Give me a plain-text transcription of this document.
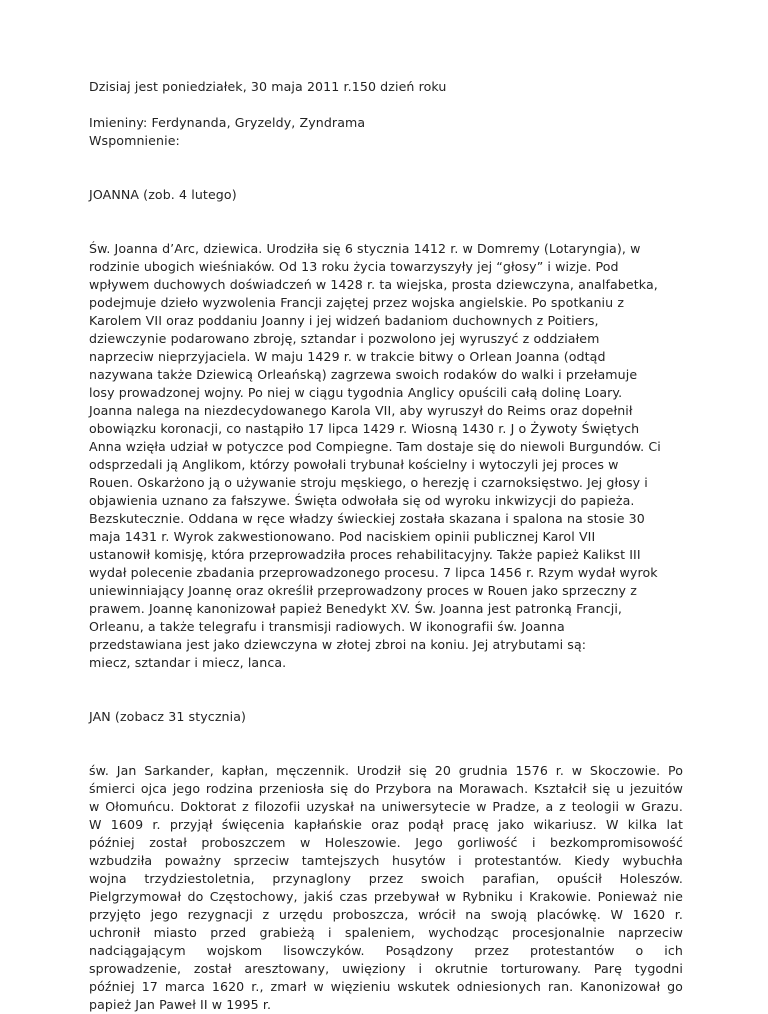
Dzisiaj jest poniedziałek, 30 maja 2011 r.150 dzień roku
Imieniny: Ferdynanda, Gryzeldy, Zyndrama
Wspomnienie:
JOANNA (zob. 4 lutego)
Św. Joanna d’Arc, dziewica. Urodziła się 6 stycznia 1412 r. w Domremy (Lotaryngia), w
rodzinie ubogich wieśniaków. Od 13 roku życia towarzyszyły jej “głosy” i wizje. Pod
wpływem duchowych doświadczeń w 1428 r. ta wiejska, prosta dziewczyna, analfabetka,
podejmuje dzieło wyzwolenia Francji zajętej przez wojska angielskie. Po spotkaniu z
Karolem VII oraz poddaniu Joanny i jej widzeń badaniom duchownych z Poitiers,
dziewczynie podarowano zbroję, sztandar i pozwolono jej wyruszyć z oddziałem
naprzeciw nieprzyjaciela. W maju 1429 r. w trakcie bitwy o Orlean Joanna (odtąd
nazywana także Dziewicą Orleańską) zagrzewa swoich rodaków do walki i przełamuje
losy prowadzonej wojny. Po niej w ciągu tygodnia Anglicy opuścili całą dolinę Loary.
Joanna nalega na niezdecydowanego Karola VII, aby wyruszył do Reims oraz dopełnił
obowiązku koronacji, co nastąpiło 17 lipca 1429 r. Wiosną 1430 r. J o Żywoty Świętych
Anna wzięła udział w potyczce pod Compiegne. Tam dostaje się do niewoli Burgundów. Ci
odsprzedali ją Anglikom, którzy powołali trybunał kościelny i wytoczyli jej proces w
Rouen. Oskarżono ją o używanie stroju męskiego, o herezję i czarnoksięstwo. Jej głosy i
objawienia uznano za fałszywe. Święta odwołała się od wyroku inkwizycji do papieża.
Bezskutecznie. Oddana w ręce władzy świeckiej została skazana i spalona na stosie 30
maja 1431 r. Wyrok zakwestionowano. Pod naciskiem opinii publicznej Karol VII
ustanowił komisję, która przeprowadziła proces rehabilitacyjny. Także papież Kalikst III
wydał polecenie zbadania przeprowadzonego procesu. 7 lipca 1456 r. Rzym wydał wyrok
uniewinniający Joannę oraz określił przeprowadzony proces w Rouen jako sprzeczny z
prawem. Joannę kanonizował papież Benedykt XV. Św. Joanna jest patronką Francji,
Orleanu, a także telegrafu i transmisji radiowych. W ikonografii św. Joanna
przedstawiana jest jako dziewczyna w złotej zbroi na koniu. Jej atrybutami są:
miecz, sztandar i miecz, lanca.
JAN (zobacz 31 stycznia)
św. Jan Sarkander, kapłan, męczennik. Urodził się 20 grudnia 1576 r. w Skoczowie. Po
śmierci ojca jego rodzina przeniosła się do Przybora na Morawach. Kształcił się u jezuitów
w Ołomuńcu. Doktorat z filozofii uzyskał na uniwersytecie w Pradze, a z teologii w Grazu.
W 1609 r. przyjął święcenia kapłańskie oraz podął pracę jako wikariusz. W kilka lat
później został proboszczem w Holeszowie. Jego gorliwość i bezkompromisowość
wzbudziła poważny sprzeciw tamtejszych husytów i protestantów. Kiedy wybuchła
wojna trzydziestoletnia, przynaglony przez swoich parafian, opuścił Holeszów.
Pielgrzymował do Częstochowy, jakiś czas przebywał w Rybniku i Krakowie. Ponieważ nie
przyjęto jego rezygnacji z urzędu proboszcza, wrócił na swoją placówkę. W 1620 r.
uchronił miasto przed grabieżą i spaleniem, wychodząc procesjonalnie naprzeciw
nadciągającym wojskom lisowczyków. Posądzony przez protestantów o ich
sprowadzenie, został aresztowany, uwięziony i okrutnie torturowany. Parę tygodni
później 17 marca 1620 r., zmarł w więzieniu wskutek odniesionych ran. Kanonizował go
papież Jan Paweł II w 1995 r.
